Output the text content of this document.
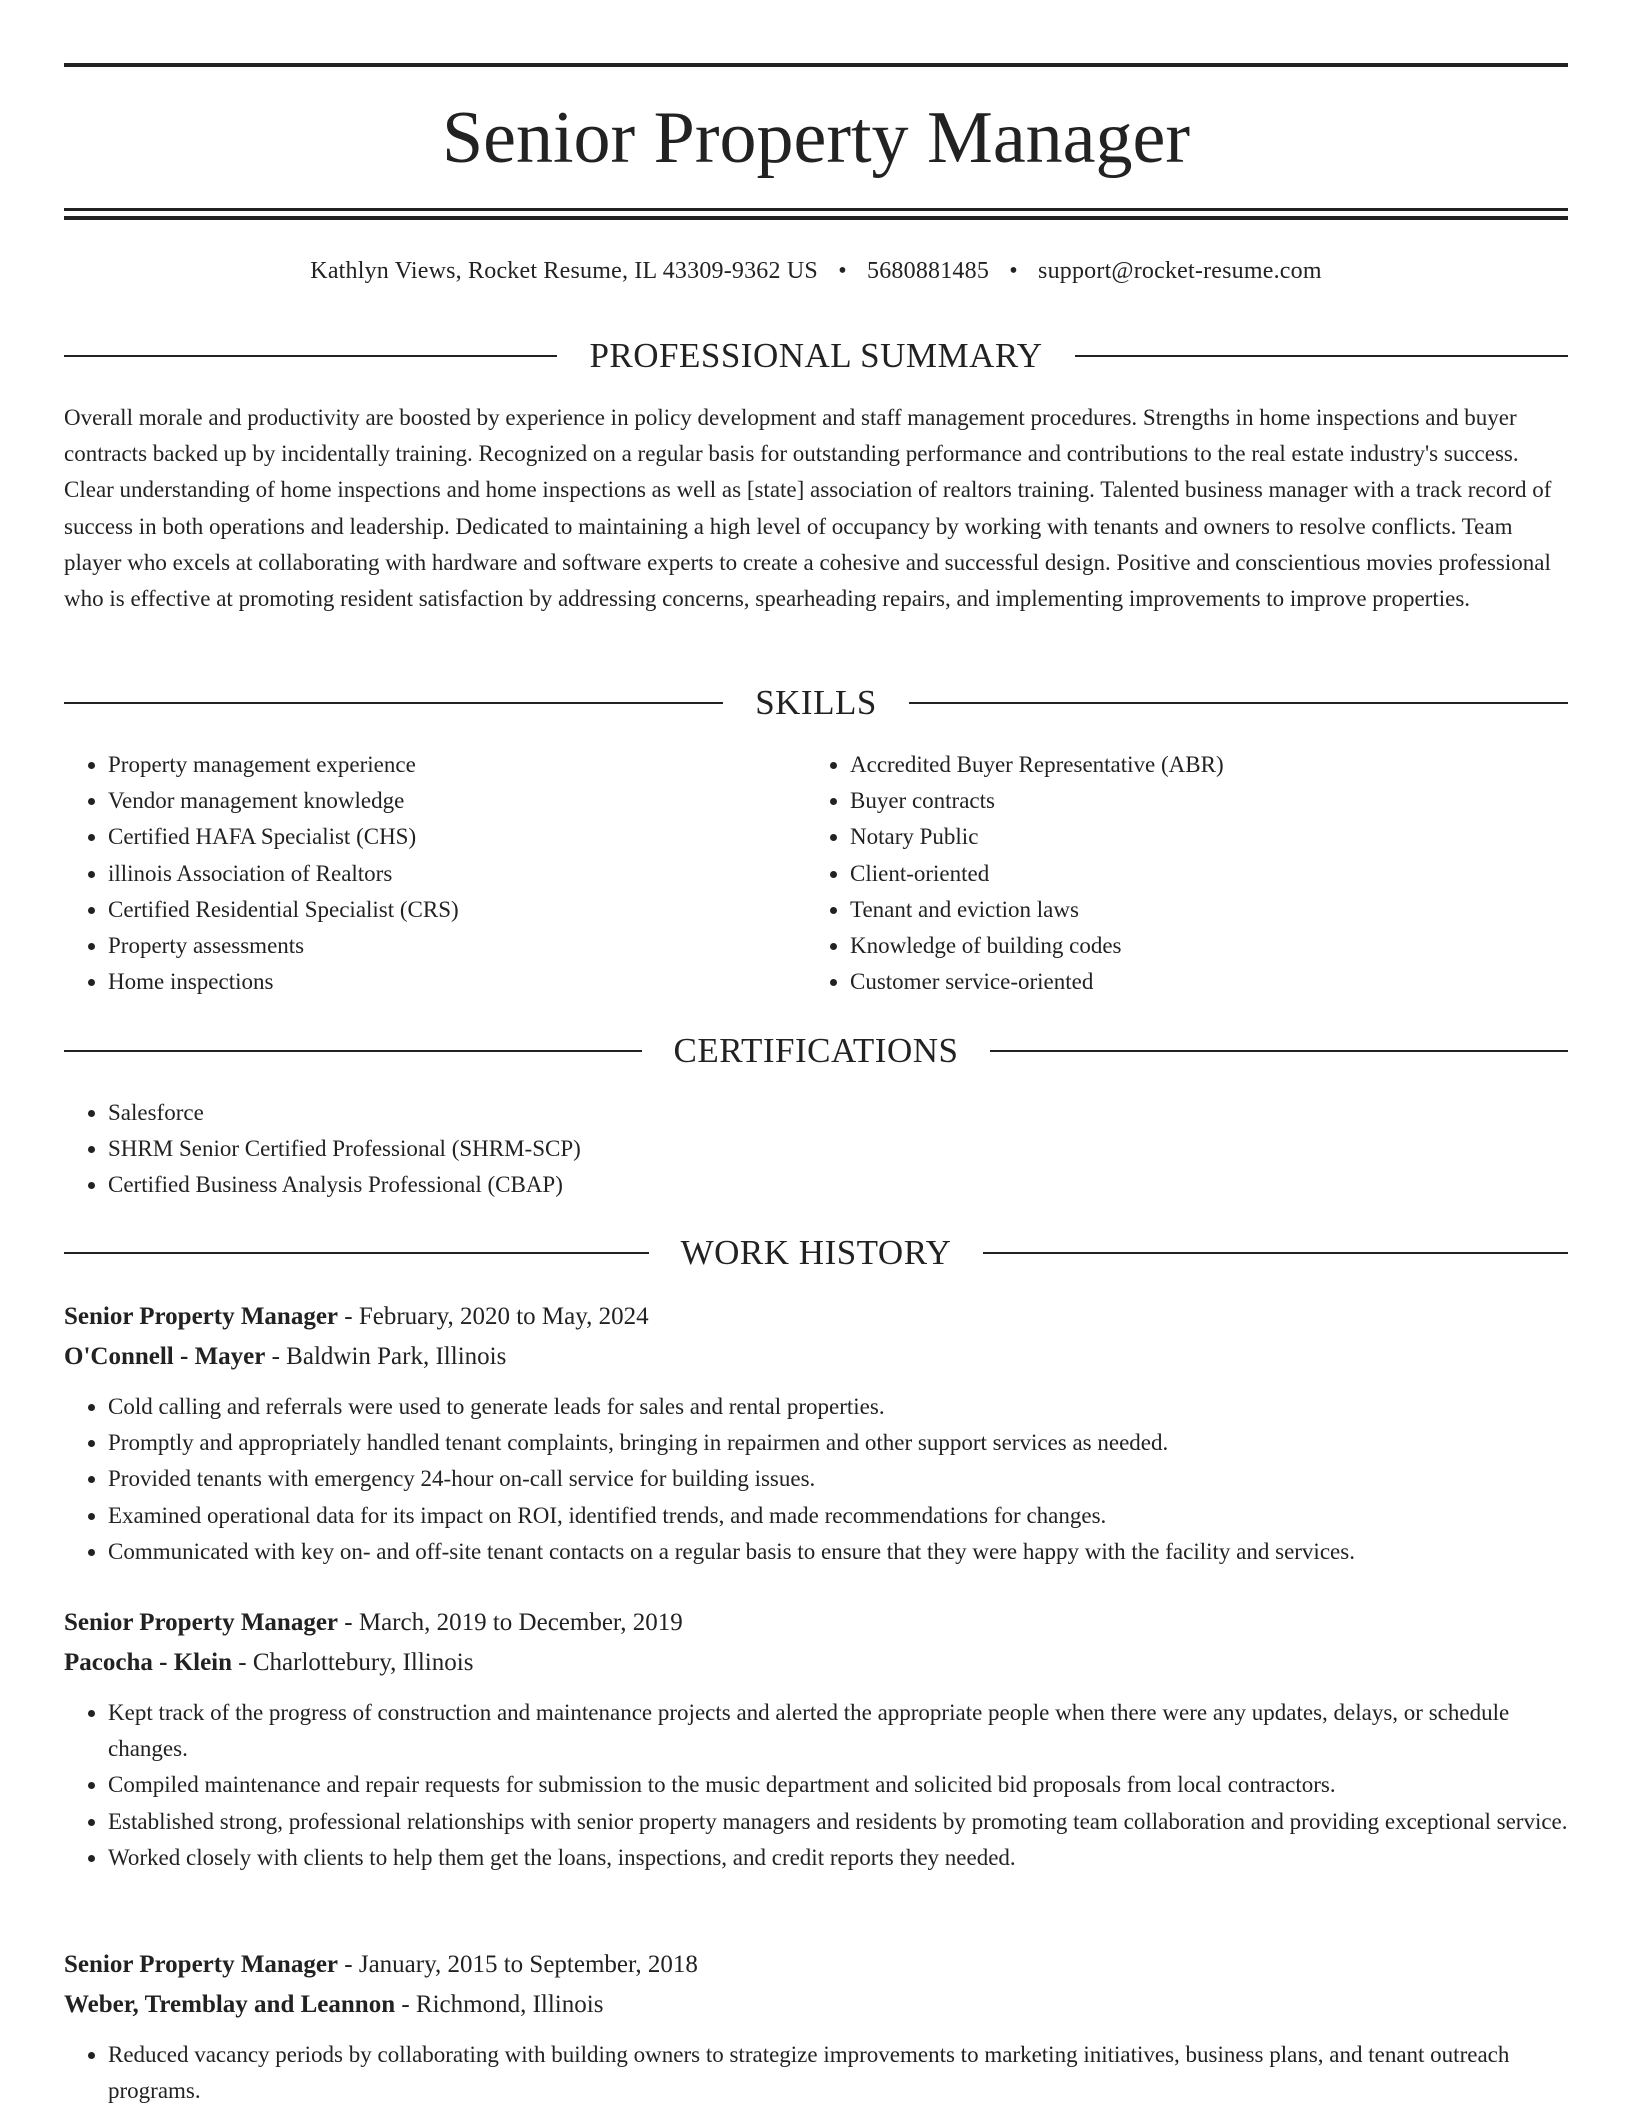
Senior Property Manager
Kathlyn Views, Rocket Resume, IL 43309-9362 US • 5680881485 • support@rocket-resume.com
PROFESSIONAL SUMMARY

Overall morale and productivity are boosted by experience in policy development and staff management procedures. Strengths in home inspections and buyer contracts backed up by incidentally training. Recognized on a regular basis for outstanding performance and contributions to the real estate industry's success. Clear understanding of home inspections and home inspections as well as [state] association of realtors training. Talented business manager with a track record of success in both operations and leadership. Dedicated to maintaining a high level of occupancy by working with tenants and owners to resolve conflicts. Team player who excels at collaborating with hardware and software experts to create a cohesive and successful design. Positive and conscientious movies professional who is effective at promoting resident satisfaction by addressing concerns, spearheading repairs, and implementing improvements to improve properties.

SKILLS
• Property management experience
• Vendor management knowledge
• Certified HAFA Specialist (CHS)
• illinois Association of Realtors
• Certified Residential Specialist (CRS)
• Property assessments
• Home inspections
• Accredited Buyer Representative (ABR)
• Buyer contracts
• Notary Public
• Client-oriented
• Tenant and eviction laws
• Knowledge of building codes
• Customer service-oriented
CERTIFICATIONS
• Salesforce
• SHRM Senior Certified Professional (SHRM-SCP)
• Certified Business Analysis Professional (CBAP)
WORK HISTORY

Senior Property Manager - February, 2020 to May, 2024

O'Connell - Mayer - Baldwin Park, Illinois

• Cold calling and referrals were used to generate leads for sales and rental properties.
• Promptly and appropriately handled tenant complaints, bringing in repairmen and other support services as needed.
• Provided tenants with emergency 24-hour on-call service for building issues.
• Examined operational data for its impact on ROI, identified trends, and made recommendations for changes.
• Communicated with key on- and off-site tenant contacts on a regular basis to ensure that they were happy with the facility and services.

Senior Property Manager - March, 2019 to December, 2019

Pacocha - Klein - Charlottebury, Illinois

• Kept track of the progress of construction and maintenance projects and alerted the appropriate people when there were any updates, delays, or schedule changes.
• Compiled maintenance and repair requests for submission to the music department and solicited bid proposals from local contractors.
• Established strong, professional relationships with senior property managers and residents by promoting team collaboration and providing exceptional service.
• Worked closely with clients to help them get the loans, inspections, and credit reports they needed.

Senior Property Manager - January, 2015 to September, 2018

Weber, Tremblay and Leannon - Richmond, Illinois

• Reduced vacancy periods by collaborating with building owners to strategize improvements to marketing initiatives, business plans, and tenant outreach programs.
